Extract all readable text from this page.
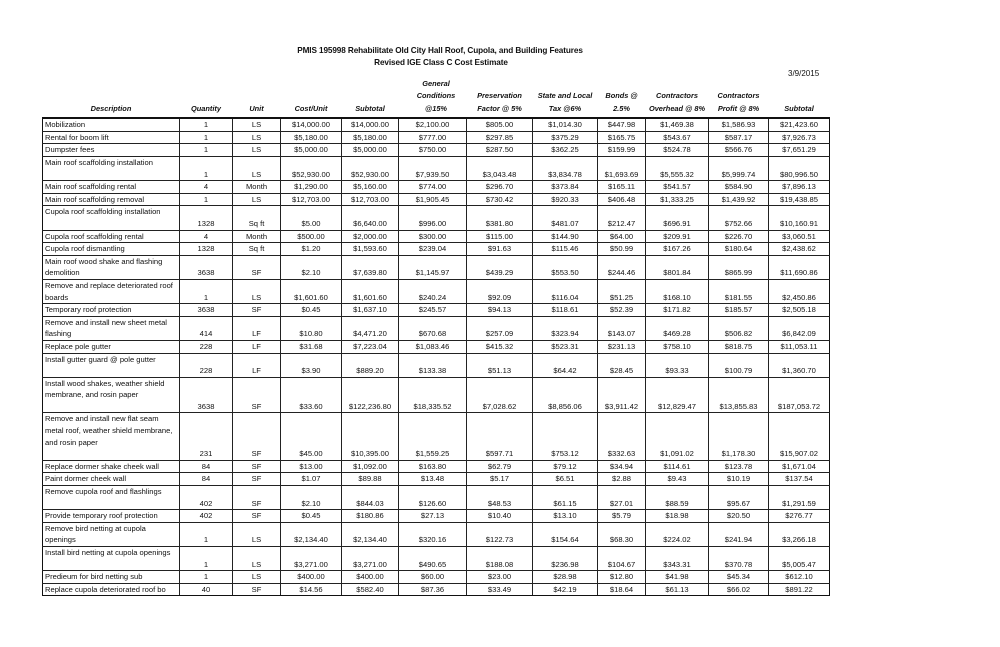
PMIS 195998 Rehabilitate Old City Hall Roof, Cupola, and Building Features
Revised IGE Class C Cost Estimate
3/9/2015
Description	Quantity	Unit	Cost/Unit	Subtotal	General Conditions @15%	Preservation Factor @ 5%	State and Local Tax @6%	Bonds @ 2.5%	Contractors Overhead @ 8%	Contractors Profit @ 8%	Subtotal
Mobilization	1	LS	$14,000.00	$14,000.00	$2,100.00	$805.00	$1,014.30	$447.98	$1,469.38	$1,586.93	$21,423.60
Rental for boom lift	1	LS	$5,180.00	$5,180.00	$777.00	$297.85	$375.29	$165.75	$543.67	$587.17	$7,926.73
Dumpster fees	1	LS	$5,000.00	$5,000.00	$750.00	$287.50	$362.25	$159.99	$524.78	$566.76	$7,651.29
Main roof scaffolding installation	1	LS	$52,930.00	$52,930.00	$7,939.50	$3,043.48	$3,834.78	$1,693.69	$5,555.32	$5,999.74	$80,996.50
Main roof scaffolding rental	4	Month	$1,290.00	$5,160.00	$774.00	$296.70	$373.84	$165.11	$541.57	$584.90	$7,896.13
Main roof scaffolding removal	1	LS	$12,703.00	$12,703.00	$1,905.45	$730.42	$920.33	$406.48	$1,333.25	$1,439.92	$19,438.85
Cupola roof scaffolding installation	1328	Sq ft	$5.00	$6,640.00	$996.00	$381.80	$481.07	$212.47	$696.91	$752.66	$10,160.91
Cupola roof scaffolding rental	4	Month	$500.00	$2,000.00	$300.00	$115.00	$144.90	$64.00	$209.91	$226.70	$3,060.51
Cupola roof dismantling	1328	Sq ft	$1.20	$1,593.60	$239.04	$91.63	$115.46	$50.99	$167.26	$180.64	$2,438.62
Main roof wood shake and flashing demolition	3638	SF	$2.10	$7,639.80	$1,145.97	$439.29	$553.50	$244.46	$801.84	$865.99	$11,690.86
Remove and replace deteriorated roof boards	1	LS	$1,601.60	$1,601.60	$240.24	$92.09	$116.04	$51.25	$168.10	$181.55	$2,450.86
Temporary roof protection	3638	SF	$0.45	$1,637.10	$245.57	$94.13	$118.61	$52.39	$171.82	$185.57	$2,505.18
Remove and install new sheet metal flashing	414	LF	$10.80	$4,471.20	$670.68	$257.09	$323.94	$143.07	$469.28	$506.82	$6,842.09
Replace pole gutter	228	LF	$31.68	$7,223.04	$1,083.46	$415.32	$523.31	$231.13	$758.10	$818.75	$11,053.11
Install gutter guard @ pole gutter	228	LF	$3.90	$889.20	$133.38	$51.13	$64.42	$28.45	$93.33	$100.79	$1,360.70
Install wood shakes, weather shield membrane, and rosin paper	3638	SF	$33.60	$122,236.80	$18,335.52	$7,028.62	$8,856.06	$3,911.42	$12,829.47	$13,855.83	$187,053.72
Remove and install new flat seam metal roof, weather shield membrane, and rosin paper	231	SF	$45.00	$10,395.00	$1,559.25	$597.71	$753.12	$332.63	$1,091.02	$1,178.30	$15,907.02
Replace dormer shake cheek wall	84	SF	$13.00	$1,092.00	$163.80	$62.79	$79.12	$34.94	$114.61	$123.78	$1,671.04
Paint dormer cheek wall	84	SF	$1.07	$89.88	$13.48	$5.17	$6.51	$2.88	$9.43	$10.19	$137.54
Remove cupola roof and flashlings	402	SF	$2.10	$844.03	$126.60	$48.53	$61.15	$27.01	$88.59	$95.67	$1,291.59
Provide temporary roof protection	402	SF	$0.45	$180.86	$27.13	$10.40	$13.10	$5.79	$18.98	$20.50	$276.77
Remove bird netting at cupola openings	1	LS	$2,134.40	$2,134.40	$320.16	$122.73	$154.64	$68.30	$224.02	$241.94	$3,266.18
Install bird netting at cupola openings	1	LS	$3,271.00	$3,271.00	$490.65	$188.08	$236.98	$104.67	$343.31	$370.78	$5,005.47
Predieum for bird netting sub	1	LS	$400.00	$400.00	$60.00	$23.00	$28.98	$12.80	$41.98	$45.34	$612.10
Replace cupola deteriorated roof bo	40	SF	$14.56	$582.40	$87.36	$33.49	$42.19	$18.64	$61.13	$66.02	$891.22
